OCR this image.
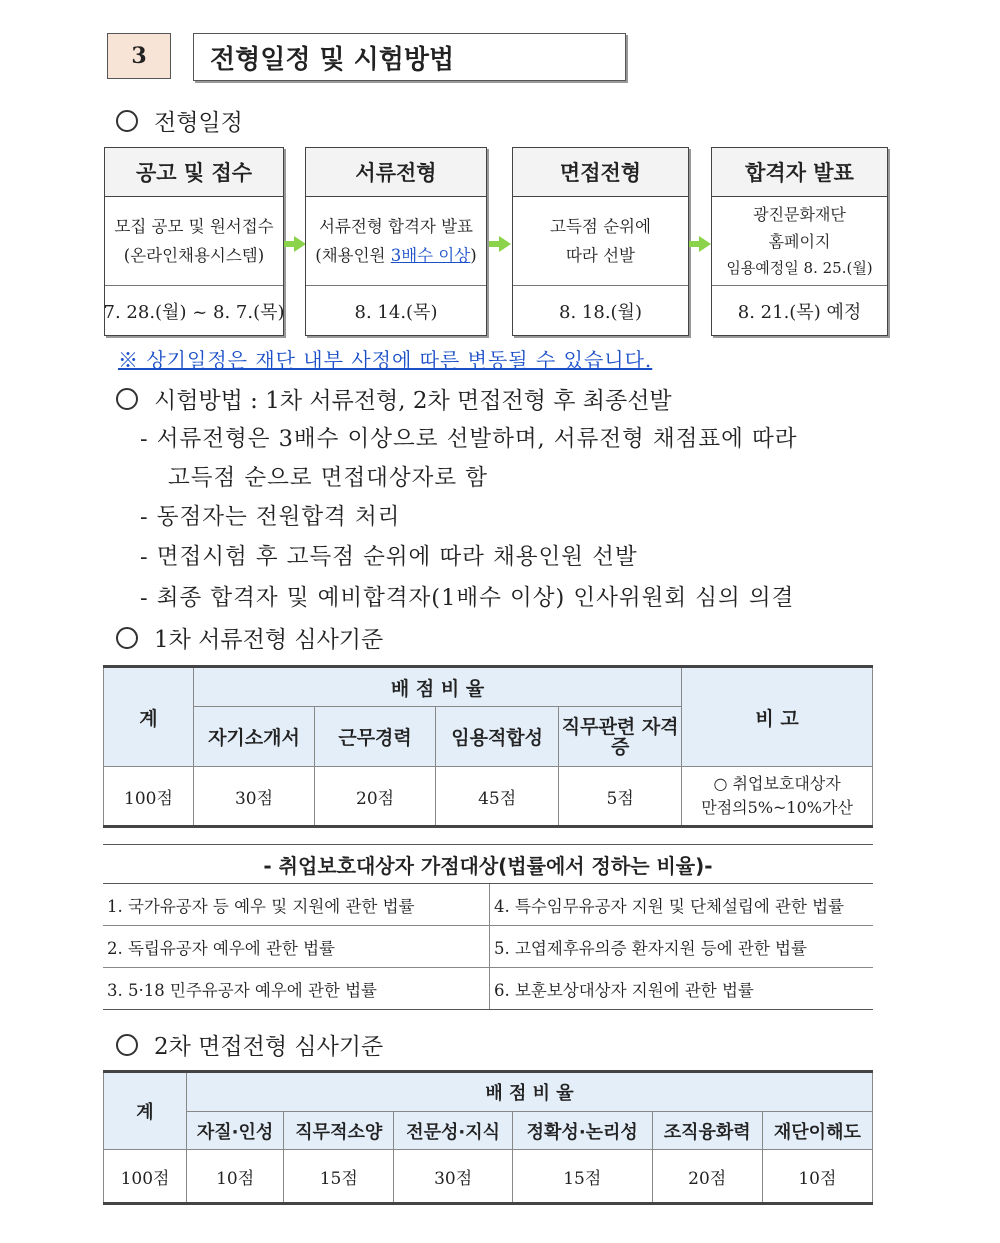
3	전형일정 및 시험방법
전형일정
공고 및 접수
모집 공모 및 원서접수
(온라인채용시스템)
7. 28.(월) ~ 8. 7.(목)
서류전형
서류전형 합격자 발표
(채용인원 3배수 이상)
8. 14.(목)
면접전형
고득점 순위에
따라 선발
8. 18.(월)
합격자 발표
광진문화재단
홈페이지
임용예정일 8. 25.(월)
8. 21.(목) 예정
※ 상기일정은 재단 내부 사정에 따른 변동될 수 있습니다.
시험방법 : 1차 서류전형, 2차 면접전형 후 최종선발
- 서류전형은 3배수 이상으로 선발하며, 서류전형 채점표에 따라
고득점 순으로 면접대상자로 함
- 동점자는 전원합격 처리
- 면접시험 후 고득점 순위에 따라 채용인원 선발
- 최종 합격자 및 예비합격자(1배수 이상) 인사위원회 심의 의결
1차 서류전형 심사기준
계	배 점 비 율				비 고
	자기소개서	근무경력	임용적합성	직무관련 자격증	
100점	30점	20점	45점	5점	○ 취업보호대상자
만점의5%~10%가산
- 취업보호대상자 가점대상(법률에서 정하는 비율)-
1. 국가유공자 등 예우 및 지원에 관한 법률	4. 특수임무유공자 지원 및 단체설립에 관한 법률
2. 독립유공자 예우에 관한 법률	5. 고엽제후유의증 환자지원 등에 관한 법률
3. 5·18 민주유공자 예우에 관한 법률	6. 보훈보상대상자 지원에 관한 법률
2차 면접전형 심사기준
계	배 점 비 율					
	자질·인성	직무적소양	전문성·지식	정확성·논리성	조직융화력	재단이해도
100점	10점	15점	30점	15점	20점	10점
